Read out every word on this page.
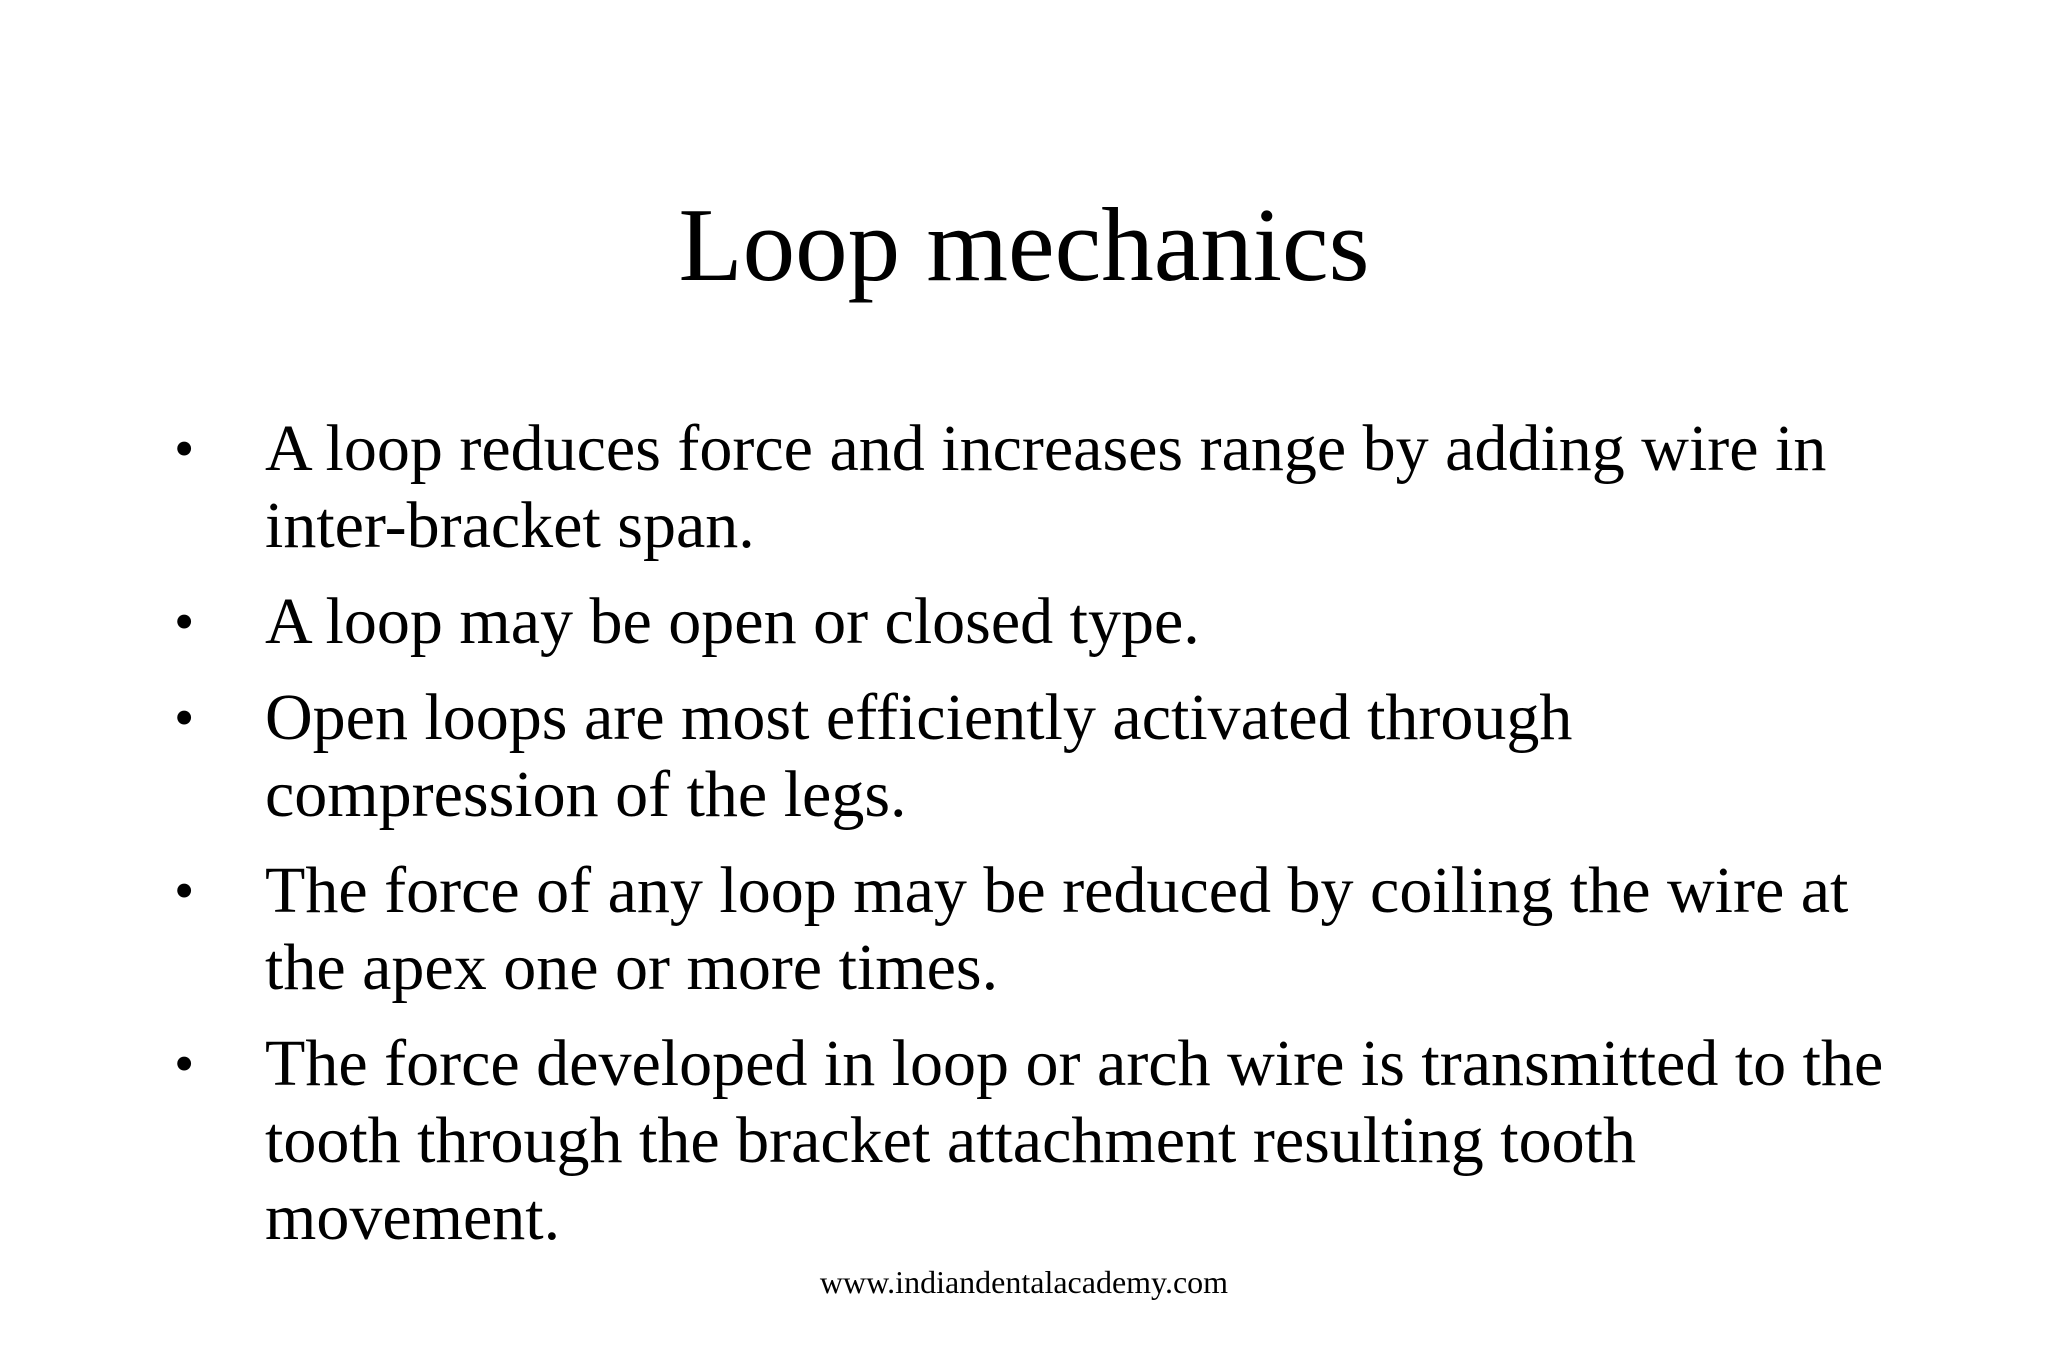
Loop mechanics
• A loop reduces force and increases range by adding wire in inter-bracket span.
• A loop may be open or closed type.
• Open loops are most efficiently activated through compression of the legs.
• The force of any loop may be reduced by coiling the wire at the apex one or more times.
• The force developed in loop or arch wire is transmitted to the tooth through the bracket attachment resulting tooth movement.
www.indiandentalacademy.com
